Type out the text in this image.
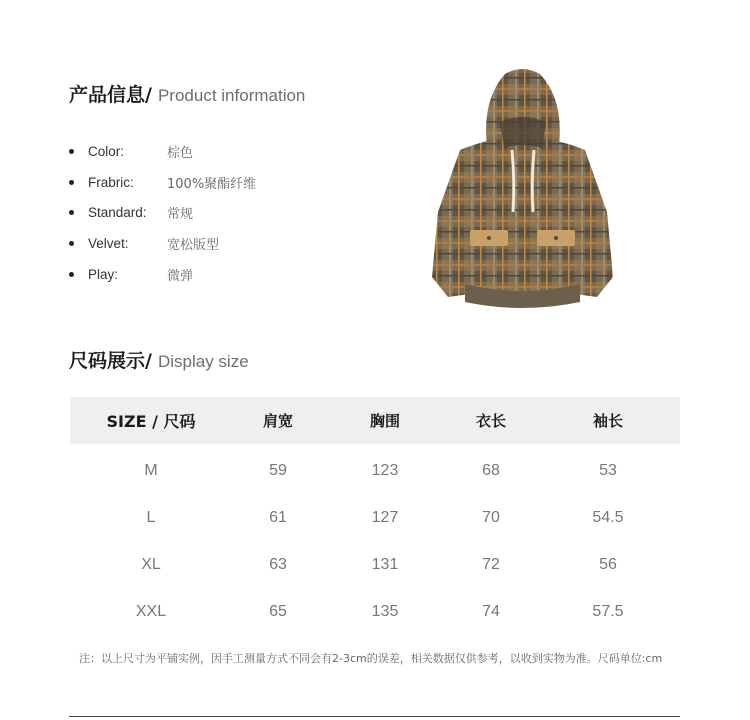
产品信息 / Product information
Color:	棕色
Frabric:	100%聚酯纤维
Standard:	常规
Velvet:	宽松版型
Play:	微弹
尺码展示 / Display size
SIZE / 尺码	肩宽	胸围	衣长	袖长
M	59	123	68	53
L	61	127	70	54.5
XL	63	131	72	56
XXL	65	135	74	57.5
注：以上尺寸为平铺实例，因手工测量方式不同会有2-3cm的误差，相关数据仅供参考，以收到实物为准。尺码单位:cm
